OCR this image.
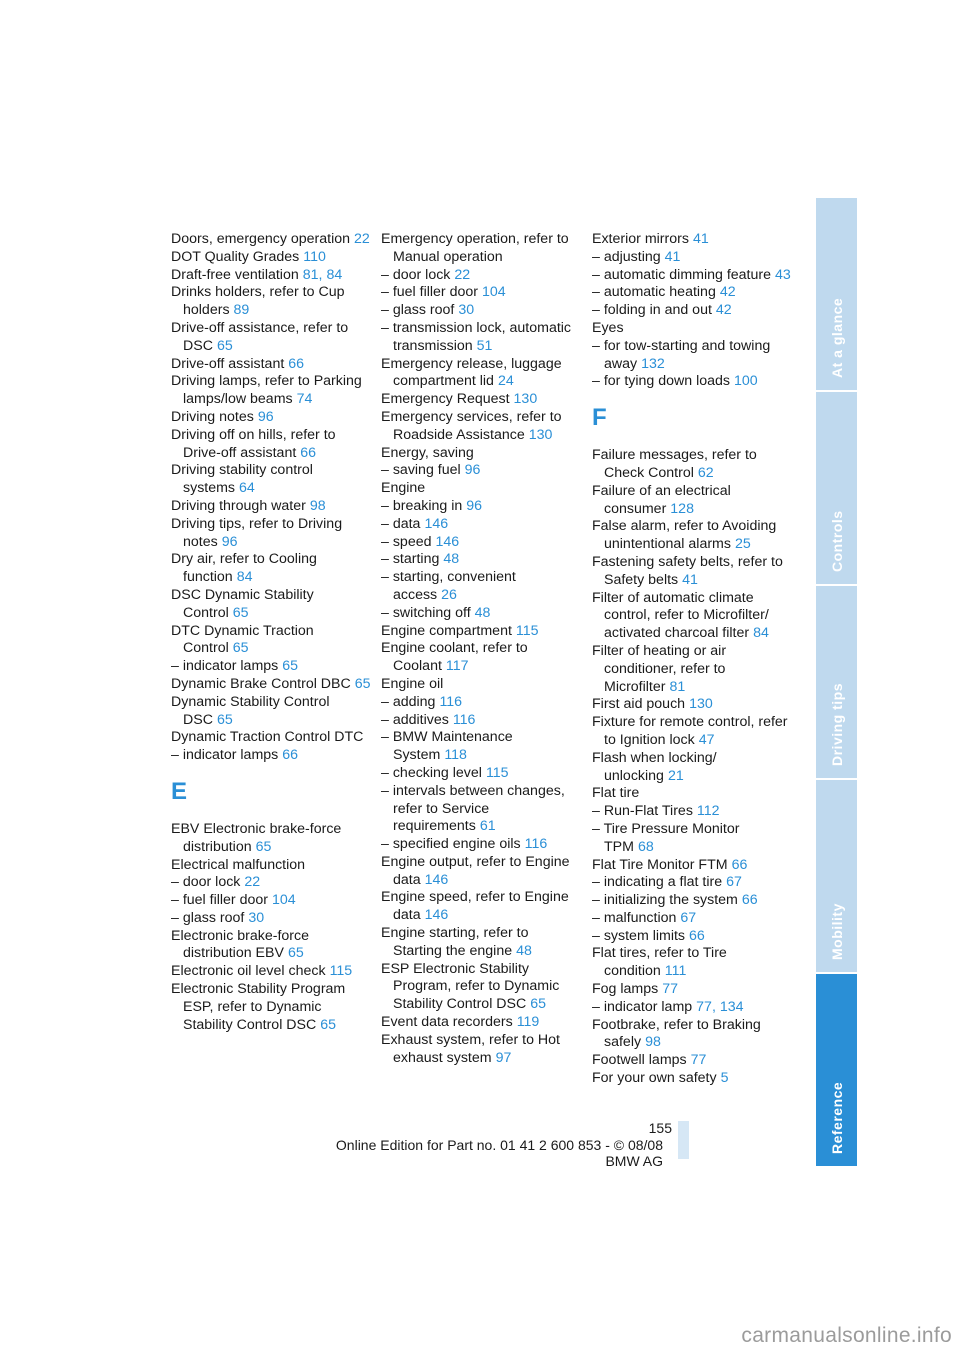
Doors, emergency operation 22
DOT Quality Grades 110
Draft-free ventilation 81, 84
Drinks holders, refer to Cup holders 89
Drive-off assistance, refer to DSC 65
Drive-off assistant 66
Driving lamps, refer to Parking lamps/low beams 74
Driving notes 96
Driving off on hills, refer to Drive-off assistant 66
Driving stability control systems 64
Driving through water 98
Driving tips, refer to Driving notes 96
Dry air, refer to Cooling function 84
DSC Dynamic Stability Control 65
DTC Dynamic Traction Control 65
– indicator lamps 65
Dynamic Brake Control DBC 65
Dynamic Stability Control DSC 65
Dynamic Traction Control DTC
– indicator lamps 66
E
EBV Electronic brake-force distribution 65
Electrical malfunction
– door lock 22
– fuel filler door 104
– glass roof 30
Electronic brake-force distribution EBV 65
Electronic oil level check 115
Electronic Stability Program ESP, refer to Dynamic Stability Control DSC 65
Emergency operation, refer to Manual operation
– door lock 22
– fuel filler door 104
– glass roof 30
– transmission lock, automatic transmission 51
Emergency release, luggage compartment lid 24
Emergency Request 130
Emergency services, refer to Roadside Assistance 130
Energy, saving
– saving fuel 96
Engine
– breaking in 96
– data 146
– speed 146
– starting 48
– starting, convenient access 26
– switching off 48
Engine compartment 115
Engine coolant, refer to Coolant 117
Engine oil
– adding 116
– additives 116
– BMW Maintenance System 118
– checking level 115
– intervals between changes, refer to Service requirements 61
– specified engine oils 116
Engine output, refer to Engine data 146
Engine speed, refer to Engine data 146
Engine starting, refer to Starting the engine 48
ESP Electronic Stability Program, refer to Dynamic Stability Control DSC 65
Event data recorders 119
Exhaust system, refer to Hot exhaust system 97
Exterior mirrors 41
– adjusting 41
– automatic dimming feature 43
– automatic heating 42
– folding in and out 42
Eyes
– for tow-starting and towing away 132
– for tying down loads 100
F
Failure messages, refer to Check Control 62
Failure of an electrical consumer 128
False alarm, refer to Avoiding unintentional alarms 25
Fastening safety belts, refer to Safety belts 41
Filter of automatic climate control, refer to Microfilter/ activated charcoal filter 84
Filter of heating or air conditioner, refer to Microfilter 81
First aid pouch 130
Fixture for remote control, refer to Ignition lock 47
Flash when locking/ unlocking 21
Flat tire
– Run-Flat Tires 112
– Tire Pressure Monitor TPM 68
Flat Tire Monitor FTM 66
– indicating a flat tire 67
– initializing the system 66
– malfunction 67
– system limits 66
Flat tires, refer to Tire condition 111
Fog lamps 77
– indicator lamp 77, 134
Footbrake, refer to Braking safely 98
Footwell lamps 77
For your own safety 5
At a glance
Controls
Driving tips
Mobility
Reference
155
Online Edition for Part no. 01 41 2 600 853 - © 08/08 BMW AG
carmanualsonline.info
